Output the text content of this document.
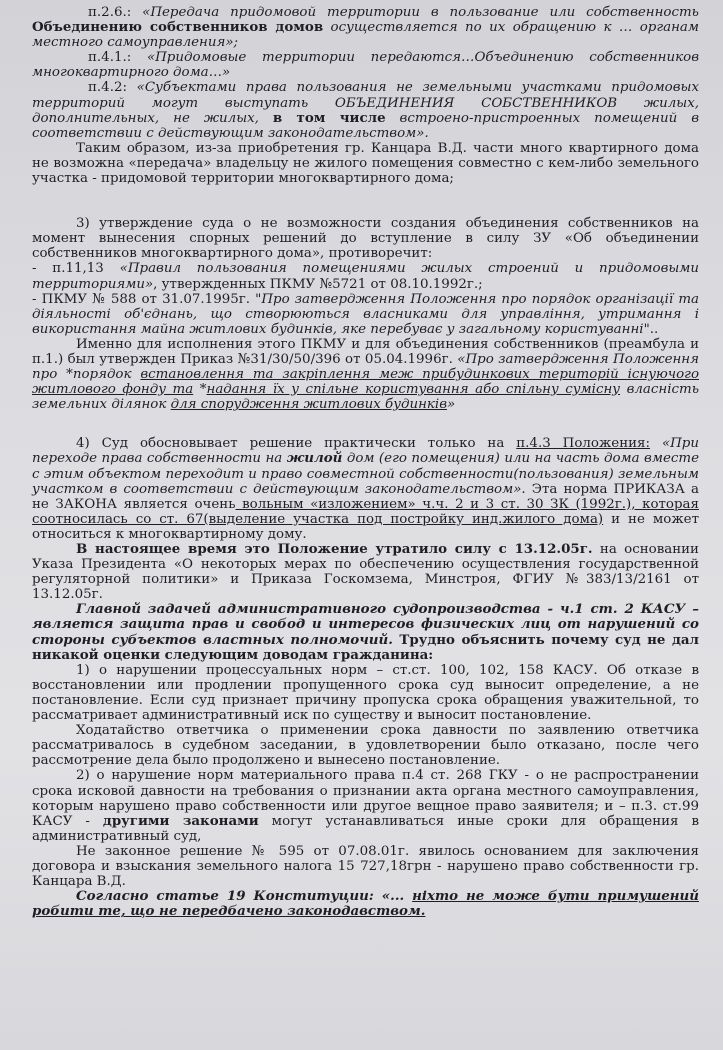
п.2.6.: «Передача придомовой территории в пользование или собственность Объединению собственников домов осуществляется по их обращению к … органам местного самоуправления»;

п.4.1.: «Придомовые территории передаются…Объединению собственников многоквартирного дома…»

п.4.2: «Субъектами права пользования не земельными участками придомовых территорий могут выступать ОБЪЕДИНЕНИЯ СОБСТВЕННИКОВ жилых, дополнительных, не жилых, в том числе встроено-пристроенных помещений в соответствии с действующим законодательством».

Таким образом, из-за приобретения гр. Канцара В.Д. части много квартирного дома не возможна «передача» владельцу не жилого помещения совместно с кем-либо земельного участка - придомовой территории многоквартирного дома;

3) утверждение суда о не возможности создания объединения собственников на момент вынесения спорных решений до вступление в силу ЗУ «Об объединении собственников многоквартирного дома», противоречит:

- п.11,13 «Правил пользования помещениями жилых строений и придомовыми территориями», утвержденных ПКМУ №5721 от 08.10.1992г.;

- ПКМУ № 588 от 31.07.1995г. "Про затвердження Положення про порядок організації та діяльності об'єднань, що створюються власниками для управління, утримання і використання майна житлових будинків, яке перебуває у загальному користуванні"..

Именно для исполнения этого ПКМУ и для объединения собственников (преамбула и п.1.) был утвержден Приказ №31/30/50/396 от 05.04.1996г. «Про затвердження Положення про *порядок встановлення та закріплення меж прибудинкових територій існуючого житлового фонду та *надання їх у спільне користування або спільну сумісну власність земельних ділянок для спорудження житлових будинків»

4) Суд обосновывает решение практически только на п.4.3 Положения: «При переходе права собственности на жилой дом (его помещения) или на часть дома вместе с этим объектом переходит и право совместной собственности(пользования) земельным участком в соответствии с действующим законодательством». Эта норма ПРИКАЗА а не ЗАКОНА является очень вольным «изложением» ч.ч. 2 и 3 ст. 30 ЗК (1992г.), которая соотносилась со ст. 67(выделение участка под постройку инд.жилого дома) и не может относиться к многоквартирному дому.

В настоящее время это Положение утратило силу с 13.12.05г. на основании Указа Президента «О некоторых мерах по обеспечению осуществления государственной регуляторной политики» и Приказа Госкомзема, Минстроя, ФГИУ №383/13/2161 от 13.12.05г.

Главной задачей административного судопроизводства - ч.1 ст. 2 КАСУ – является защита прав и свобод и интересов физических лиц от нарушений со стороны субъектов властных полномочий. Трудно объяснить почему суд не дал никакой оценки следующим доводам гражданина:

1) о нарушении процессуальных норм – ст.ст. 100, 102, 158 КАСУ. Об отказе в восстановлении или продлении пропущенного срока суд выносит определение, а не постановление. Если суд признает причину пропуска срока обращения уважительной, то рассматривает административный иск по существу и выносит постановление.

Ходатайство ответчика о применении срока давности по заявлению ответчика рассматривалось в судебном заседании, в удовлетворении было отказано, после чего рассмотрение дела было продолжено и вынесено постановление.

2) о нарушение норм материального права п.4 ст. 268 ГКУ - о не распространении срока исковой давности на требования о признании акта органа местного самоуправления, которым нарушено право собственности или другое вещное право заявителя; и – п.3. ст.99 КАСУ - другими законами могут устанавливаться иные сроки для обращения в административный суд,

Не законное решение № 595 от 07.08.01г. явилось основанием для заключения договора и взыскания земельного налога 15 727,18грн - нарушено право собственности гр. Канцара В.Д.

Согласно статье 19 Конституции: «... ніхто не може бути примушений робити те, що не передбачено законодавством.
